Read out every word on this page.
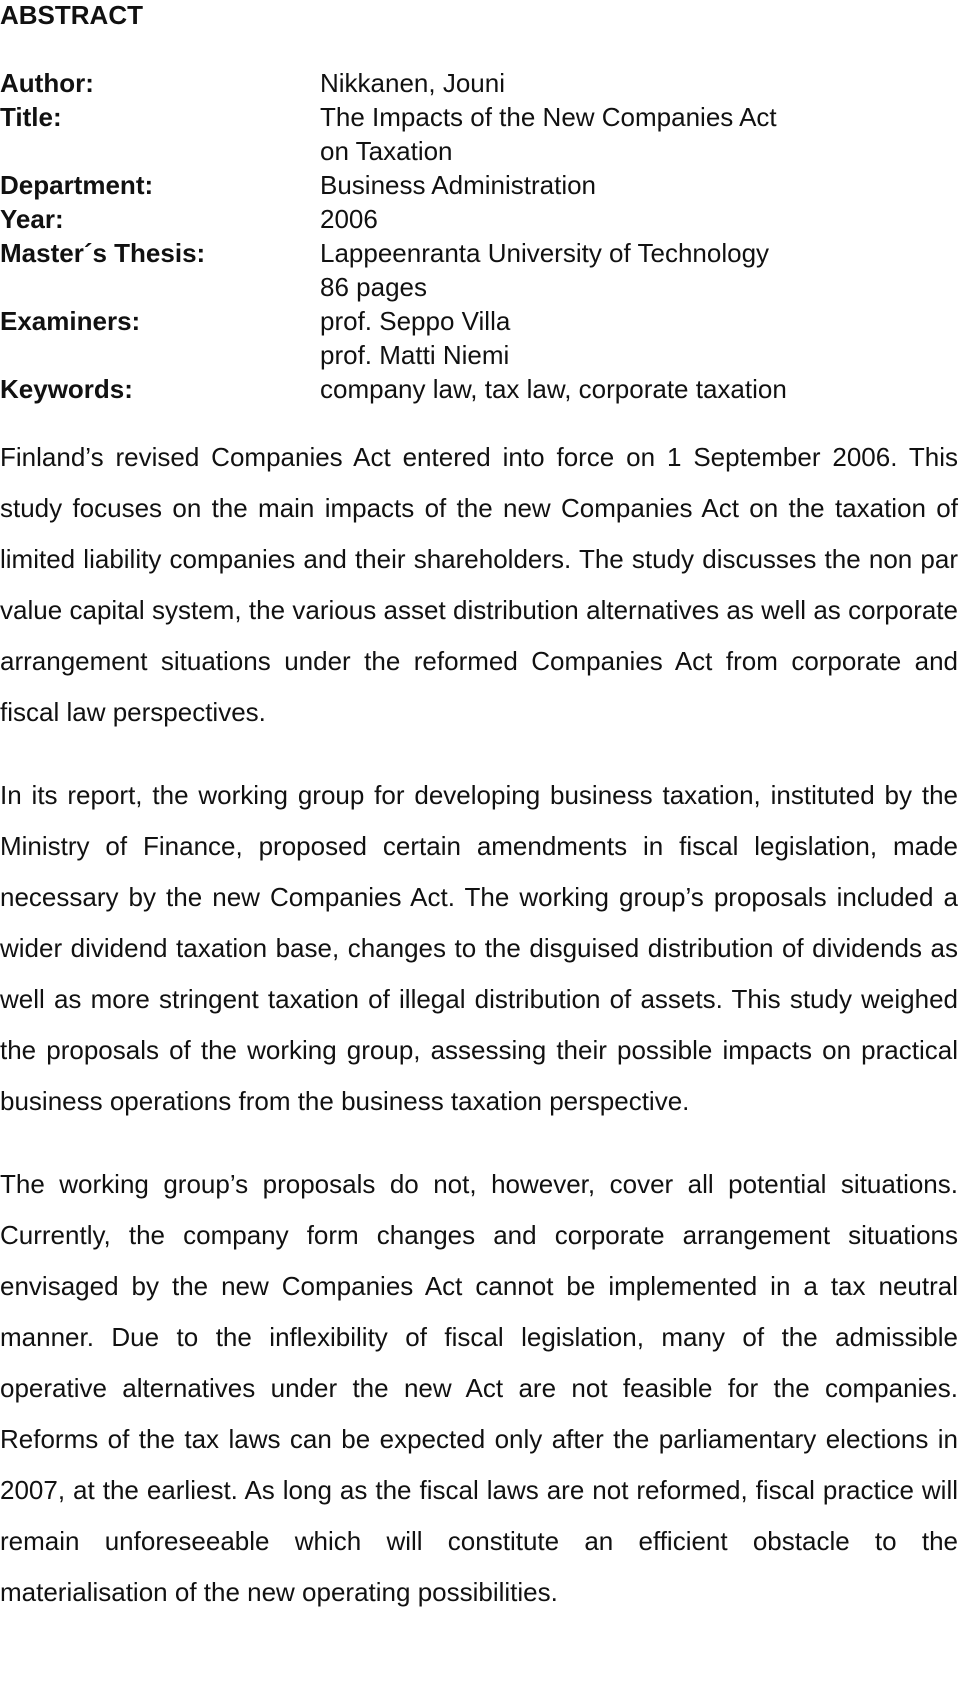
ABSTRACT
Author:	Nikkanen, Jouni
Title:	The Impacts of the New Companies Act
on Taxation
Department:	Business Administration
Year:	2006
Master´s Thesis:	Lappeenranta University of Technology
86 pages
Examiners:	prof. Seppo Villa
prof. Matti Niemi
Keywords:	company law, tax law, corporate taxation

Finland’s revised Companies Act entered into force on 1 September 2006. This study focuses on the main impacts of the new Companies Act on the taxation of limited liability companies and their shareholders. The study discusses the non par value capital system, the various asset distribution alternatives as well as corporate arrangement situations under the reformed Companies Act from corporate and fiscal law perspectives.

In its report, the working group for developing business taxation, instituted by the Ministry of Finance, proposed certain amendments in fiscal legislation, made necessary by the new Companies Act. The working group’s proposals included a wider dividend taxation base, changes to the disguised distribution of dividends as well as more stringent taxation of illegal distribution of assets. This study weighed the proposals of the working group, assessing their possible impacts on practical business operations from the business taxation perspective.

The working group’s proposals do not, however, cover all potential situations. Currently, the company form changes and corporate arrangement situations envisaged by the new Companies Act cannot be implemented in a tax neutral manner. Due to the inflexibility of fiscal legislation, many of the admissible operative alternatives under the new Act are not feasible for the companies. Reforms of the tax laws can be expected only after the parliamentary elections in 2007, at the earliest. As long as the fiscal laws are not reformed, fiscal practice will remain unforeseeable which will constitute an efficient obstacle to the materialisation of the new operating possibilities.
